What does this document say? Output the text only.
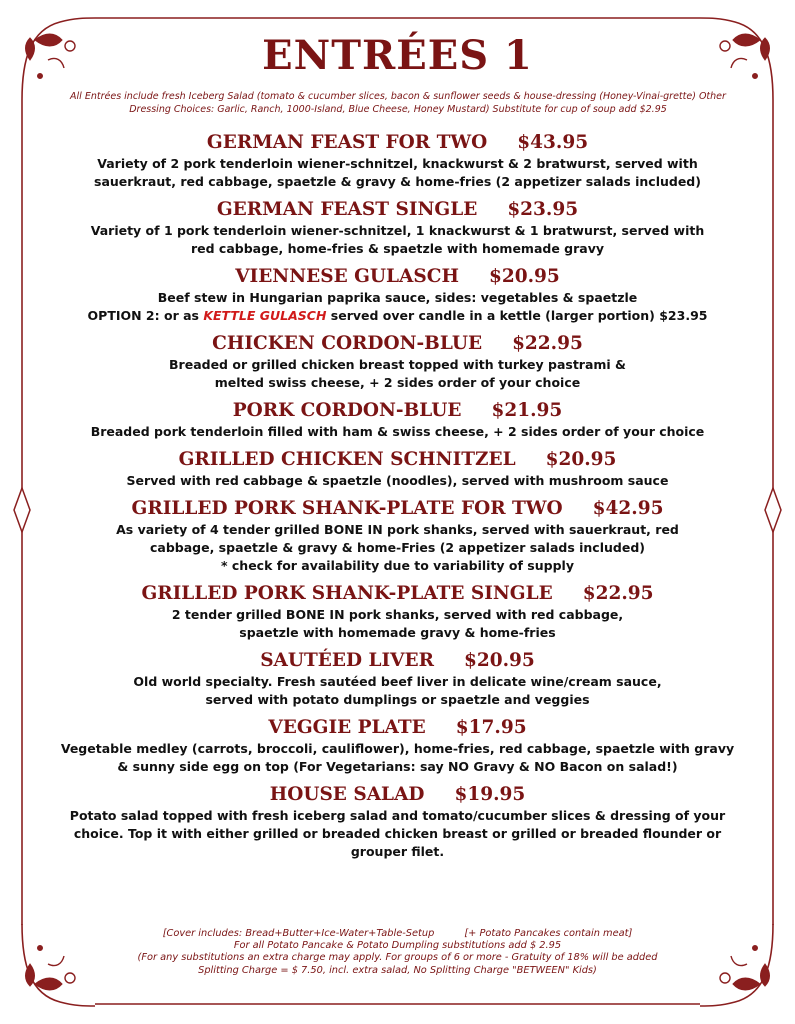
ENTRÉES 1

All Entrées include fresh Iceberg Salad (tomato & cucumber slices, bacon & sunflower seeds & house-dressing (Honey-Vinai-grette) Other Dressing Choices: Garlic, Ranch, 1000-Island, Blue Cheese, Honey Mustard) Substitute for cup of soup add $2.95

GERMAN FEAST FOR TWO $43.95

Variety of 2 pork tenderloin wiener-schnitzel, knackwurst & 2 bratwurst, served with
sauerkraut, red cabbage, spaetzle & gravy & home-fries (2 appetizer salads included)

GERMAN FEAST SINGLE $23.95

Variety of 1 pork tenderloin wiener-schnitzel, 1 knackwurst & 1 bratwurst, served with
red cabbage, home-fries & spaetzle with homemade gravy

VIENNESE GULASCH $20.95

Beef stew in Hungarian paprika sauce, sides: vegetables & spaetzle
OPTION 2: or as KETTLE GULASCH served over candle in a kettle (larger portion) $23.95

CHICKEN CORDON-BLUE $22.95

Breaded or grilled chicken breast topped with turkey pastrami &
melted swiss cheese, + 2 sides order of your choice

PORK CORDON-BLUE $21.95

Breaded pork tenderloin filled with ham & swiss cheese, + 2 sides order of your choice

GRILLED CHICKEN SCHNITZEL $20.95

Served with red cabbage & spaetzle (noodles), served with mushroom sauce

GRILLED PORK SHANK-PLATE FOR TWO $42.95

As variety of 4 tender grilled BONE IN pork shanks, served with sauerkraut, red
cabbage, spaetzle & gravy & home-Fries (2 appetizer salads included)
* check for availability due to variability of supply

GRILLED PORK SHANK-PLATE SINGLE $22.95

2 tender grilled BONE IN pork shanks, served with red cabbage,
spaetzle with homemade gravy & home-fries

SAUTÉED LIVER $20.95

Old world specialty. Fresh sautéed beef liver in delicate wine/cream sauce,
served with potato dumplings or spaetzle and veggies

VEGGIE PLATE $17.95

Vegetable medley (carrots, broccoli, cauliflower), home-fries, red cabbage, spaetzle with gravy
& sunny side egg on top (For Vegetarians: say NO Gravy & NO Bacon on salad!)

HOUSE SALAD $19.95

Potato salad topped with fresh iceberg salad and tomato/cucumber slices & dressing of your
choice. Top it with either grilled or breaded chicken breast or grilled or breaded flounder or
grouper filet.

[Cover includes: Bread+Butter+Ice-Water+Table-Setup	[+ Potato Pancakes contain meat]

For all Potato Pancake & Potato Dumpling substitutions add $ 2.95

(For any substitutions an extra charge may apply. For groups of 6 or more - Gratuity of 18% will be added

Splitting Charge = $ 7.50, incl. extra salad, No Splitting Charge "BETWEEN" Kids)
